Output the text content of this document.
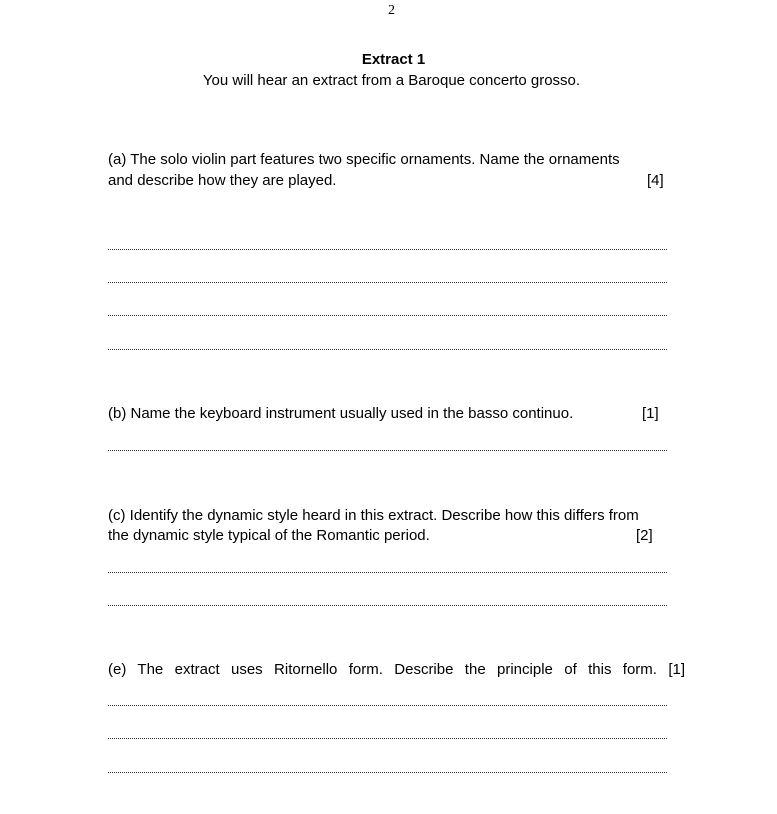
2
Extract 1
You will hear an extract from a Baroque concerto grosso.
(a) The solo violin part features two specific ornaments. Name the ornaments
and describe how they are played.	[4]
(b) Name the keyboard instrument usually used in the basso continuo.	[1]
(c) Identify the dynamic style heard in this extract. Describe how this differs from
the dynamic style typical of the Romantic period.	[2]
(e) The extract uses Ritornello form. Describe the principle of this form. [1]
